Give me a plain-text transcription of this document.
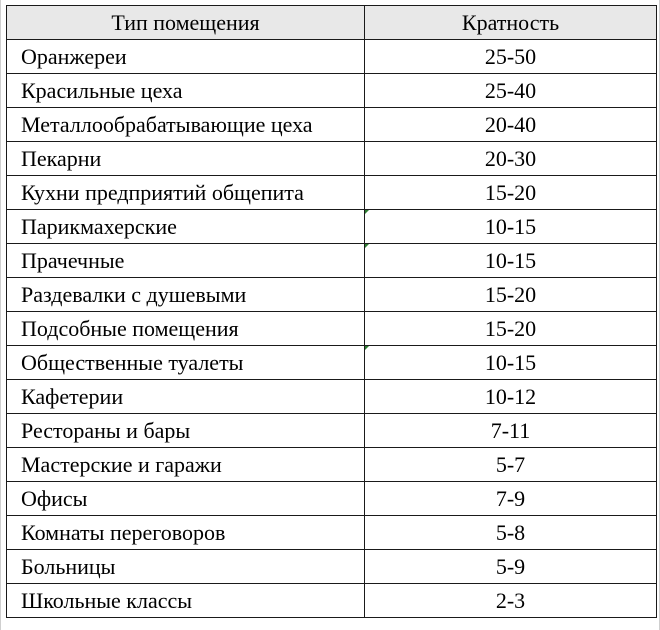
Тип помещения	Кратность
Оранжереи	25-50
Красильные цеха	25-40
Металлообрабатывающие цеха	20-40
Пекарни	20-30
Кухни предприятий общепита	15-20
Парикмахерские	10-15
Прачечные	10-15
Раздевалки с душевыми	15-20
Подсобные помещения	15-20
Общественные туалеты	10-15
Кафетерии	10-12
Рестораны и бары	7-11
Мастерские и гаражи	5-7
Офисы	7-9
Комнаты переговоров	5-8
Больницы	5-9
Школьные классы	2-3
